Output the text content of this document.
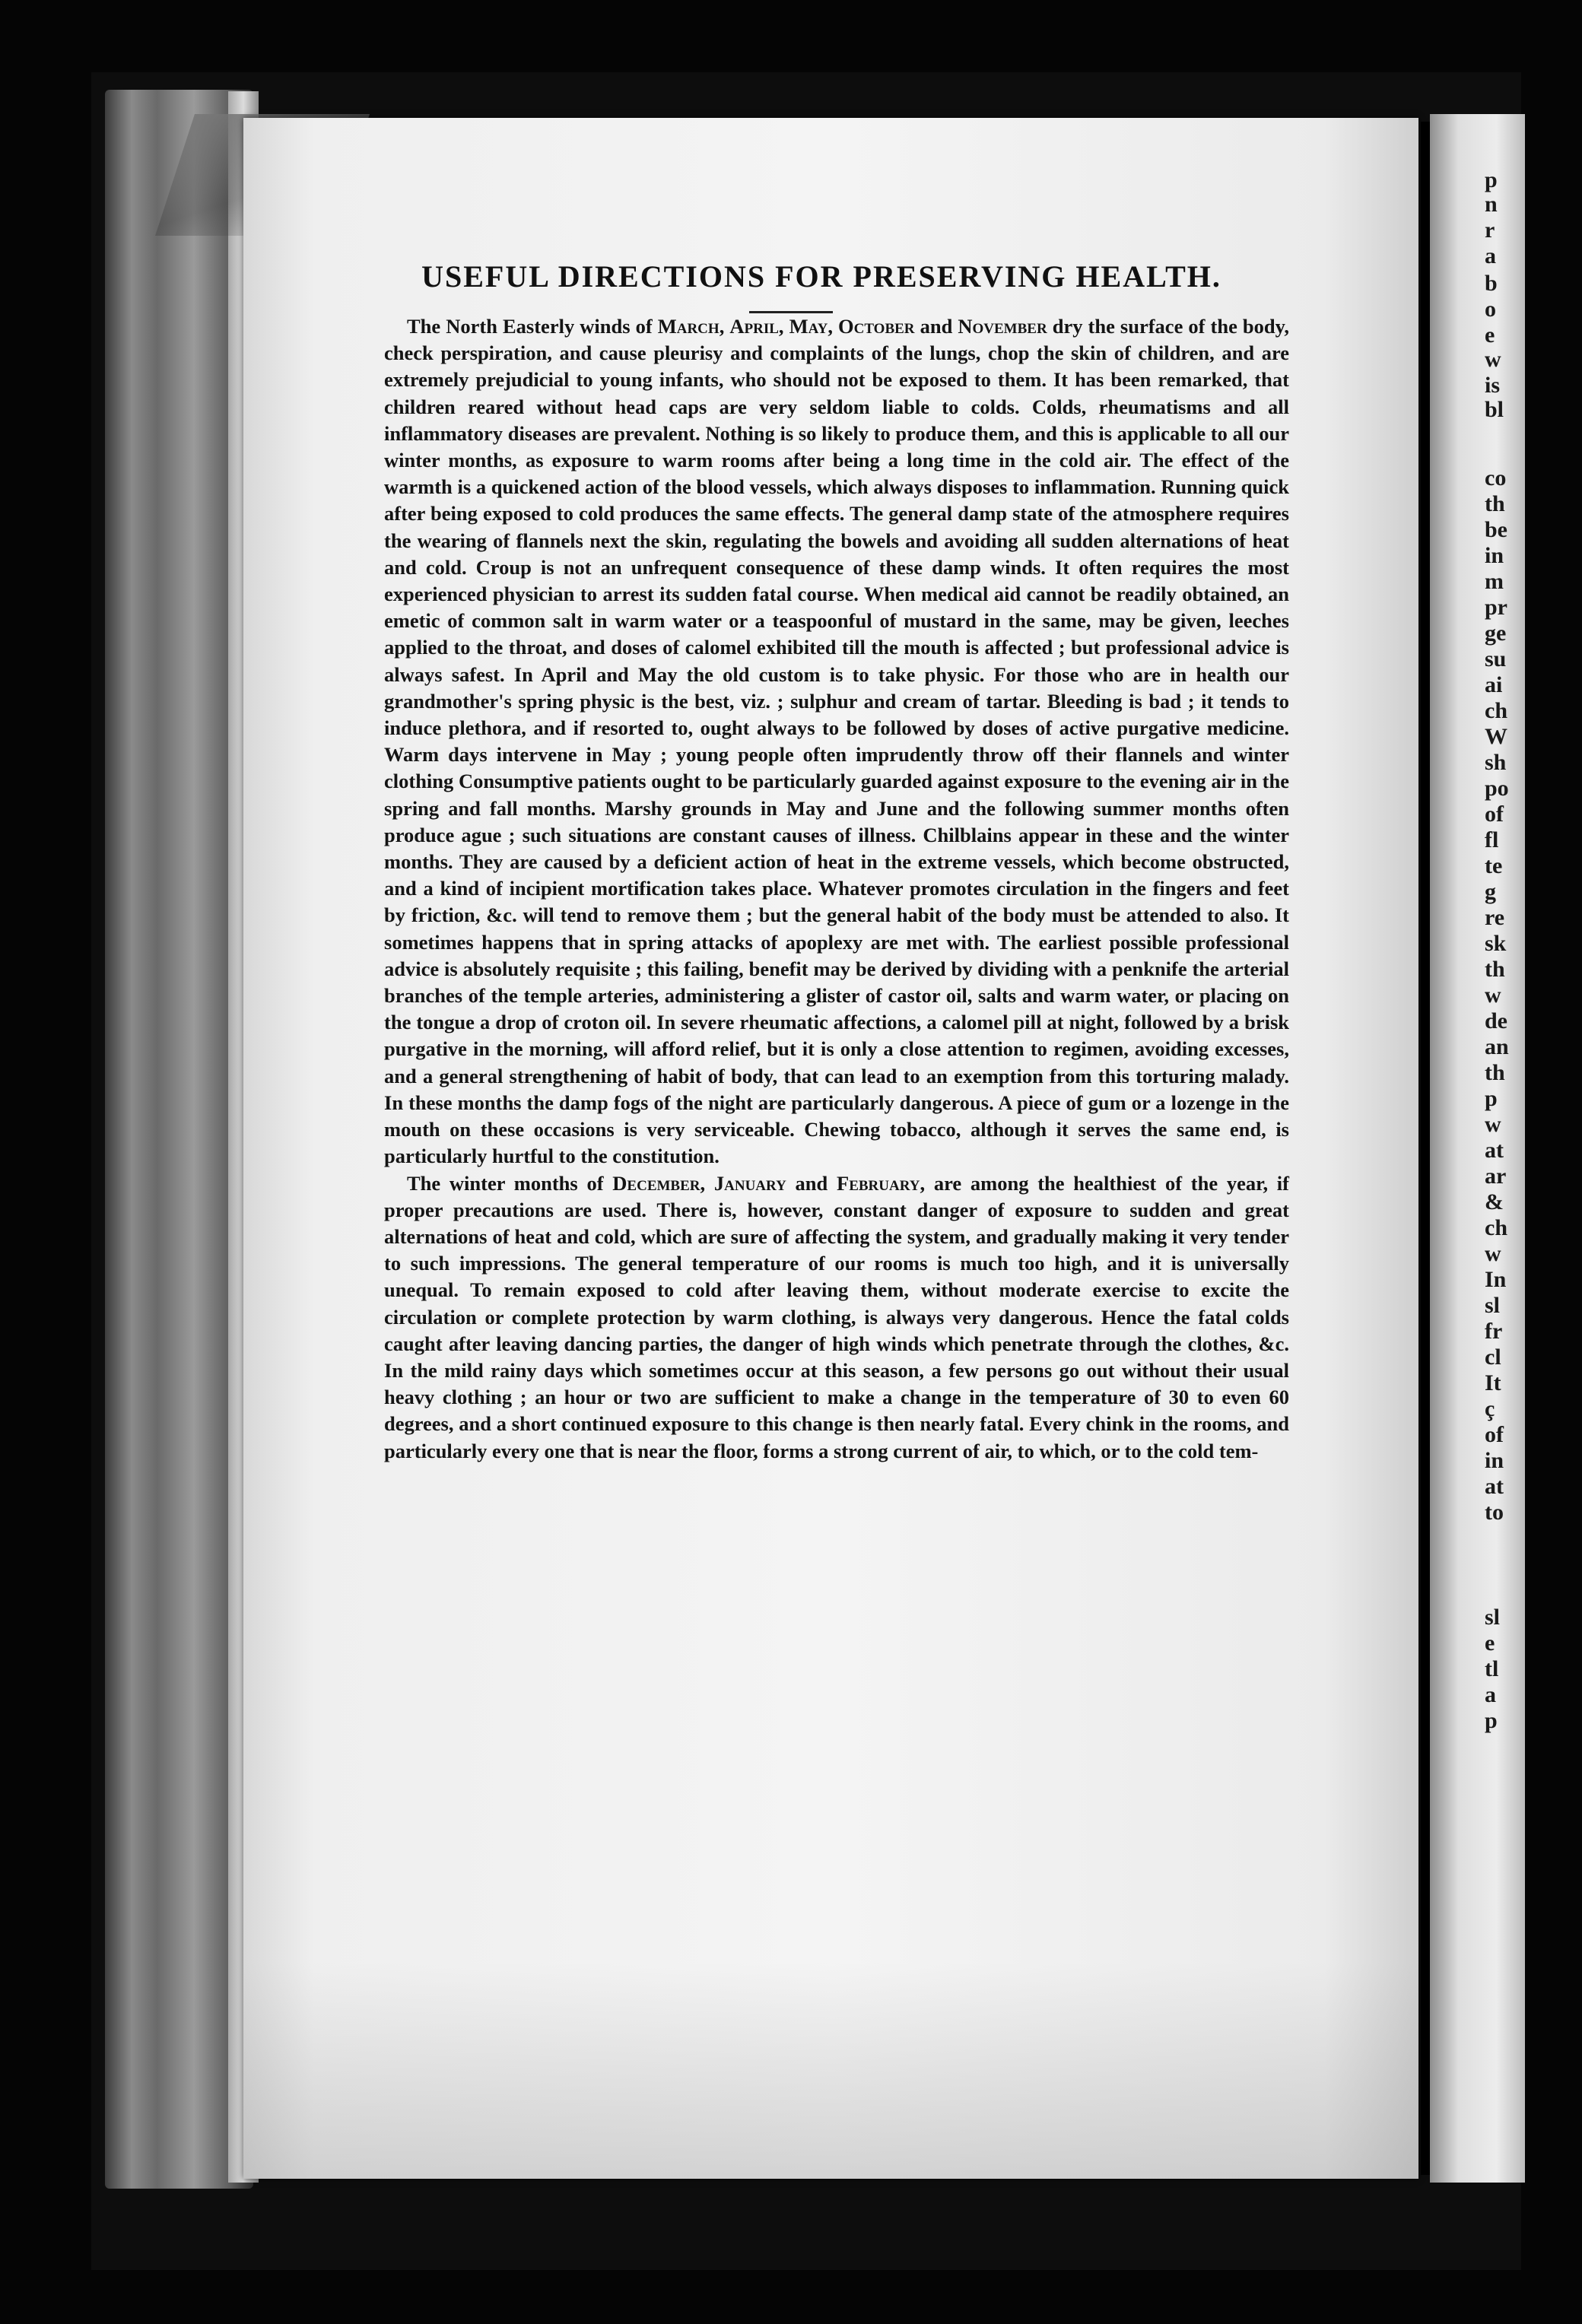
p
n
r
a
b
o
e
w
is
bl
co
th
be
in
m
pr
ge
su
ai
ch
W
sh
po
of
fl
te
g
re
sk
th
w
de
an
th
p
w
at
ar
&
ch
w
In
sl
fr
cl
It
ç
of
in
at
to
sl
e
tl
a
p
USEFUL DIRECTIONS FOR PRESERVING HEALTH.

The North Easterly winds of March, April, May, October and November dry the surface of the body, check perspiration, and cause pleurisy and complaints of the lungs, chop the skin of children, and are extremely prejudicial to young infants, who should not be exposed to them. It has been remarked, that children reared without head caps are very seldom liable to colds. Colds, rheumatisms and all inflammatory diseases are prevalent. Nothing is so likely to produce them, and this is applicable to all our winter months, as exposure to warm rooms after being a long time in the cold air. The effect of the warmth is a quickened action of the blood vessels, which always disposes to inflammation. Running quick after being exposed to cold produces the same effects. The general damp state of the atmosphere requires the wearing of flannels next the skin, regulating the bowels and avoiding all sudden alternations of heat and cold. Croup is not an unfrequent consequence of these damp winds. It often requires the most experienced physician to arrest its sudden fatal course. When medical aid cannot be readily obtained, an emetic of common salt in warm water or a teaspoonful of mustard in the same, may be given, leeches applied to the throat, and doses of calomel exhibited till the mouth is affected ; but professional advice is always safest. In April and May the old custom is to take physic. For those who are in health our grandmother's spring physic is the best, viz. ; sulphur and cream of tartar. Bleeding is bad ; it tends to induce plethora, and if resorted to, ought always to be followed by doses of active purgative medicine. Warm days intervene in May ; young people often imprudently throw off their flannels and winter clothing Consumptive patients ought to be particularly guarded against exposure to the evening air in the spring and fall months. Marshy grounds in May and June and the following summer months often produce ague ; such situations are constant causes of illness. Chilblains appear in these and the winter months. They are caused by a deficient action of heat in the extreme vessels, which become obstructed, and a kind of incipient mortification takes place. Whatever promotes circulation in the fingers and feet by friction, &c. will tend to remove them ; but the general habit of the body must be attended to also. It sometimes happens that in spring attacks of apoplexy are met with. The earliest possible professional advice is absolutely requisite ; this failing, benefit may be derived by dividing with a penknife the arterial branches of the temple arteries, administering a glister of castor oil, salts and warm water, or placing on the tongue a drop of croton oil. In severe rheumatic affections, a calomel pill at night, followed by a brisk purgative in the morning, will afford relief, but it is only a close attention to regimen, avoiding excesses, and a general strengthening of habit of body, that can lead to an exemption from this torturing malady. In these months the damp fogs of the night are particularly dangerous. A piece of gum or a lozenge in the mouth on these occasions is very serviceable. Chewing tobacco, although it serves the same end, is particularly hurtful to the constitution.

The winter months of December, January and February, are among the healthiest of the year, if proper precautions are used. There is, however, constant danger of exposure to sudden and great alternations of heat and cold, which are sure of affecting the system, and gradually making it very tender to such impressions. The general temperature of our rooms is much too high, and it is universally unequal. To remain exposed to cold after leaving them, without moderate exercise to excite the circulation or complete protection by warm clothing, is always very dangerous. Hence the fatal colds caught after leaving dancing parties, the danger of high winds which penetrate through the clothes, &c. In the mild rainy days which sometimes occur at this season, a few persons go out without their usual heavy clothing ; an hour or two are sufficient to make a change in the temperature of 30 to even 60 degrees, and a short continued exposure to this change is then nearly fatal. Every chink in the rooms, and particularly every one that is near the floor, forms a strong current of air, to which, or to the cold tem-
